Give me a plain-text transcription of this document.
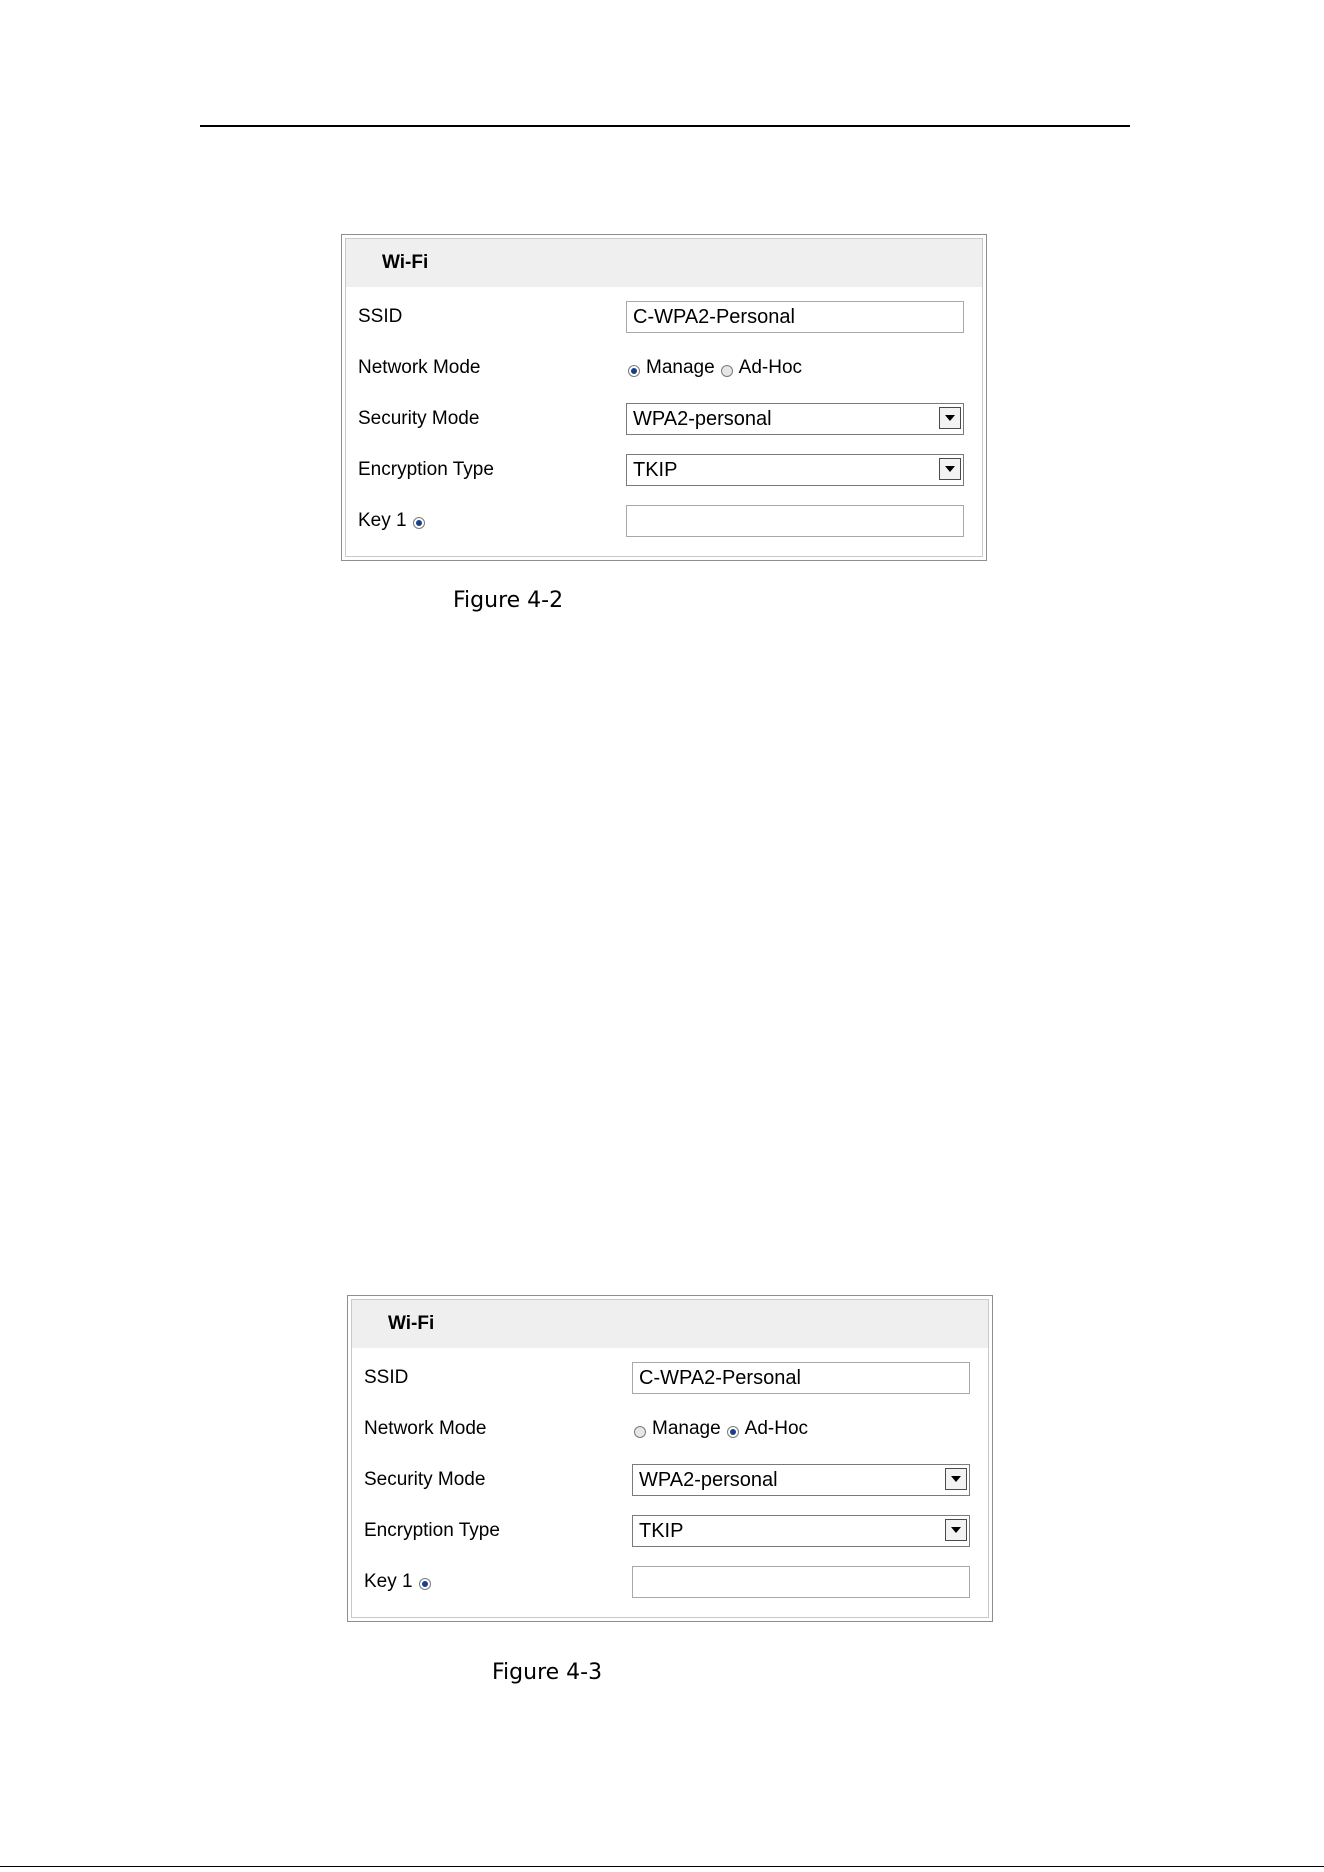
Wi-Fi
SSID	C-WPA2-Personal
Network Mode	Manage Ad-Hoc
Security Mode	WPA2-personal
Encryption Type	TKIP
Key 1
Figure 4-2
Wi-Fi
SSID	C-WPA2-Personal
Network Mode	Manage Ad-Hoc
Security Mode	WPA2-personal
Encryption Type	TKIP
Key 1
Figure 4-3
